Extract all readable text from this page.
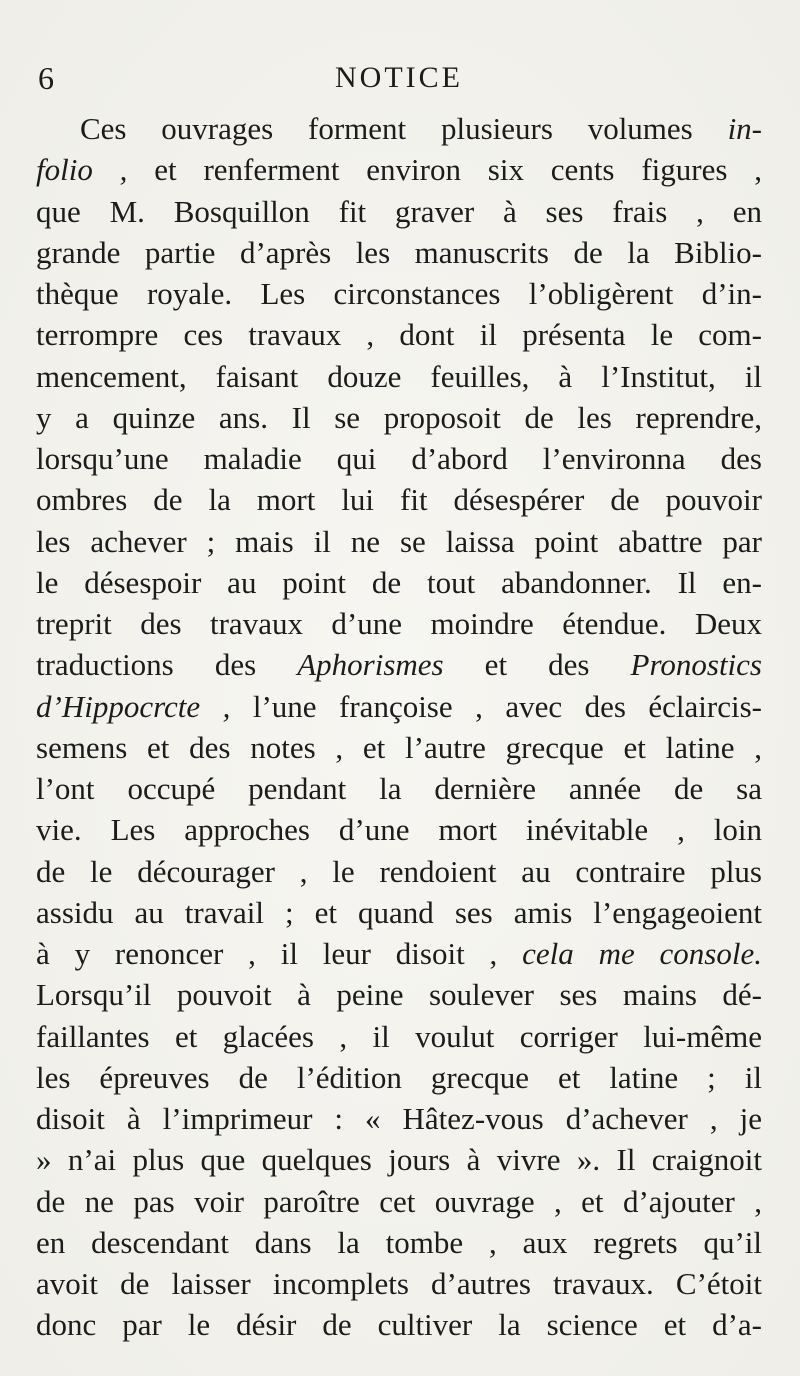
6	NOTICE
Ces ouvrages forment plusieurs volumes in-
folio , et renferment environ six cents figures ,
que M. Bosquillon fit graver à ses frais , en
grande partie d’après les manuscrits de la Biblio-
thèque royale. Les circonstances l’obligèrent d’in-
terrompre ces travaux , dont il présenta le com-
mencement, faisant douze feuilles, à l’Institut, il
y a quinze ans. Il se proposoit de les reprendre,
lorsqu’une maladie qui d’abord l’environna des
ombres de la mort lui fit désespérer de pouvoir
les achever ; mais il ne se laissa point abattre par
le désespoir au point de tout abandonner. Il en-
treprit des travaux d’une moindre étendue. Deux
traductions des Aphorismes et des Pronostics
d’Hippocrcte , l’une françoise , avec des éclaircis-
semens et des notes , et l’autre grecque et latine ,
l’ont occupé pendant la dernière année de sa
vie. Les approches d’une mort inévitable , loin
de le décourager , le rendoient au contraire plus
assidu au travail ; et quand ses amis l’engageoient
à y renoncer , il leur disoit , cela me console.
Lorsqu’il pouvoit à peine soulever ses mains dé-
faillantes et glacées , il voulut corriger lui-même
les épreuves de l’édition grecque et latine ; il
disoit à l’imprimeur : « Hâtez-vous d’achever , je
» n’ai plus que quelques jours à vivre ». Il craignoit
de ne pas voir paroître cet ouvrage , et d’ajouter ,
en descendant dans la tombe , aux regrets qu’il
avoit de laisser incomplets d’autres travaux. C’étoit
donc par le désir de cultiver la science et d’a-
